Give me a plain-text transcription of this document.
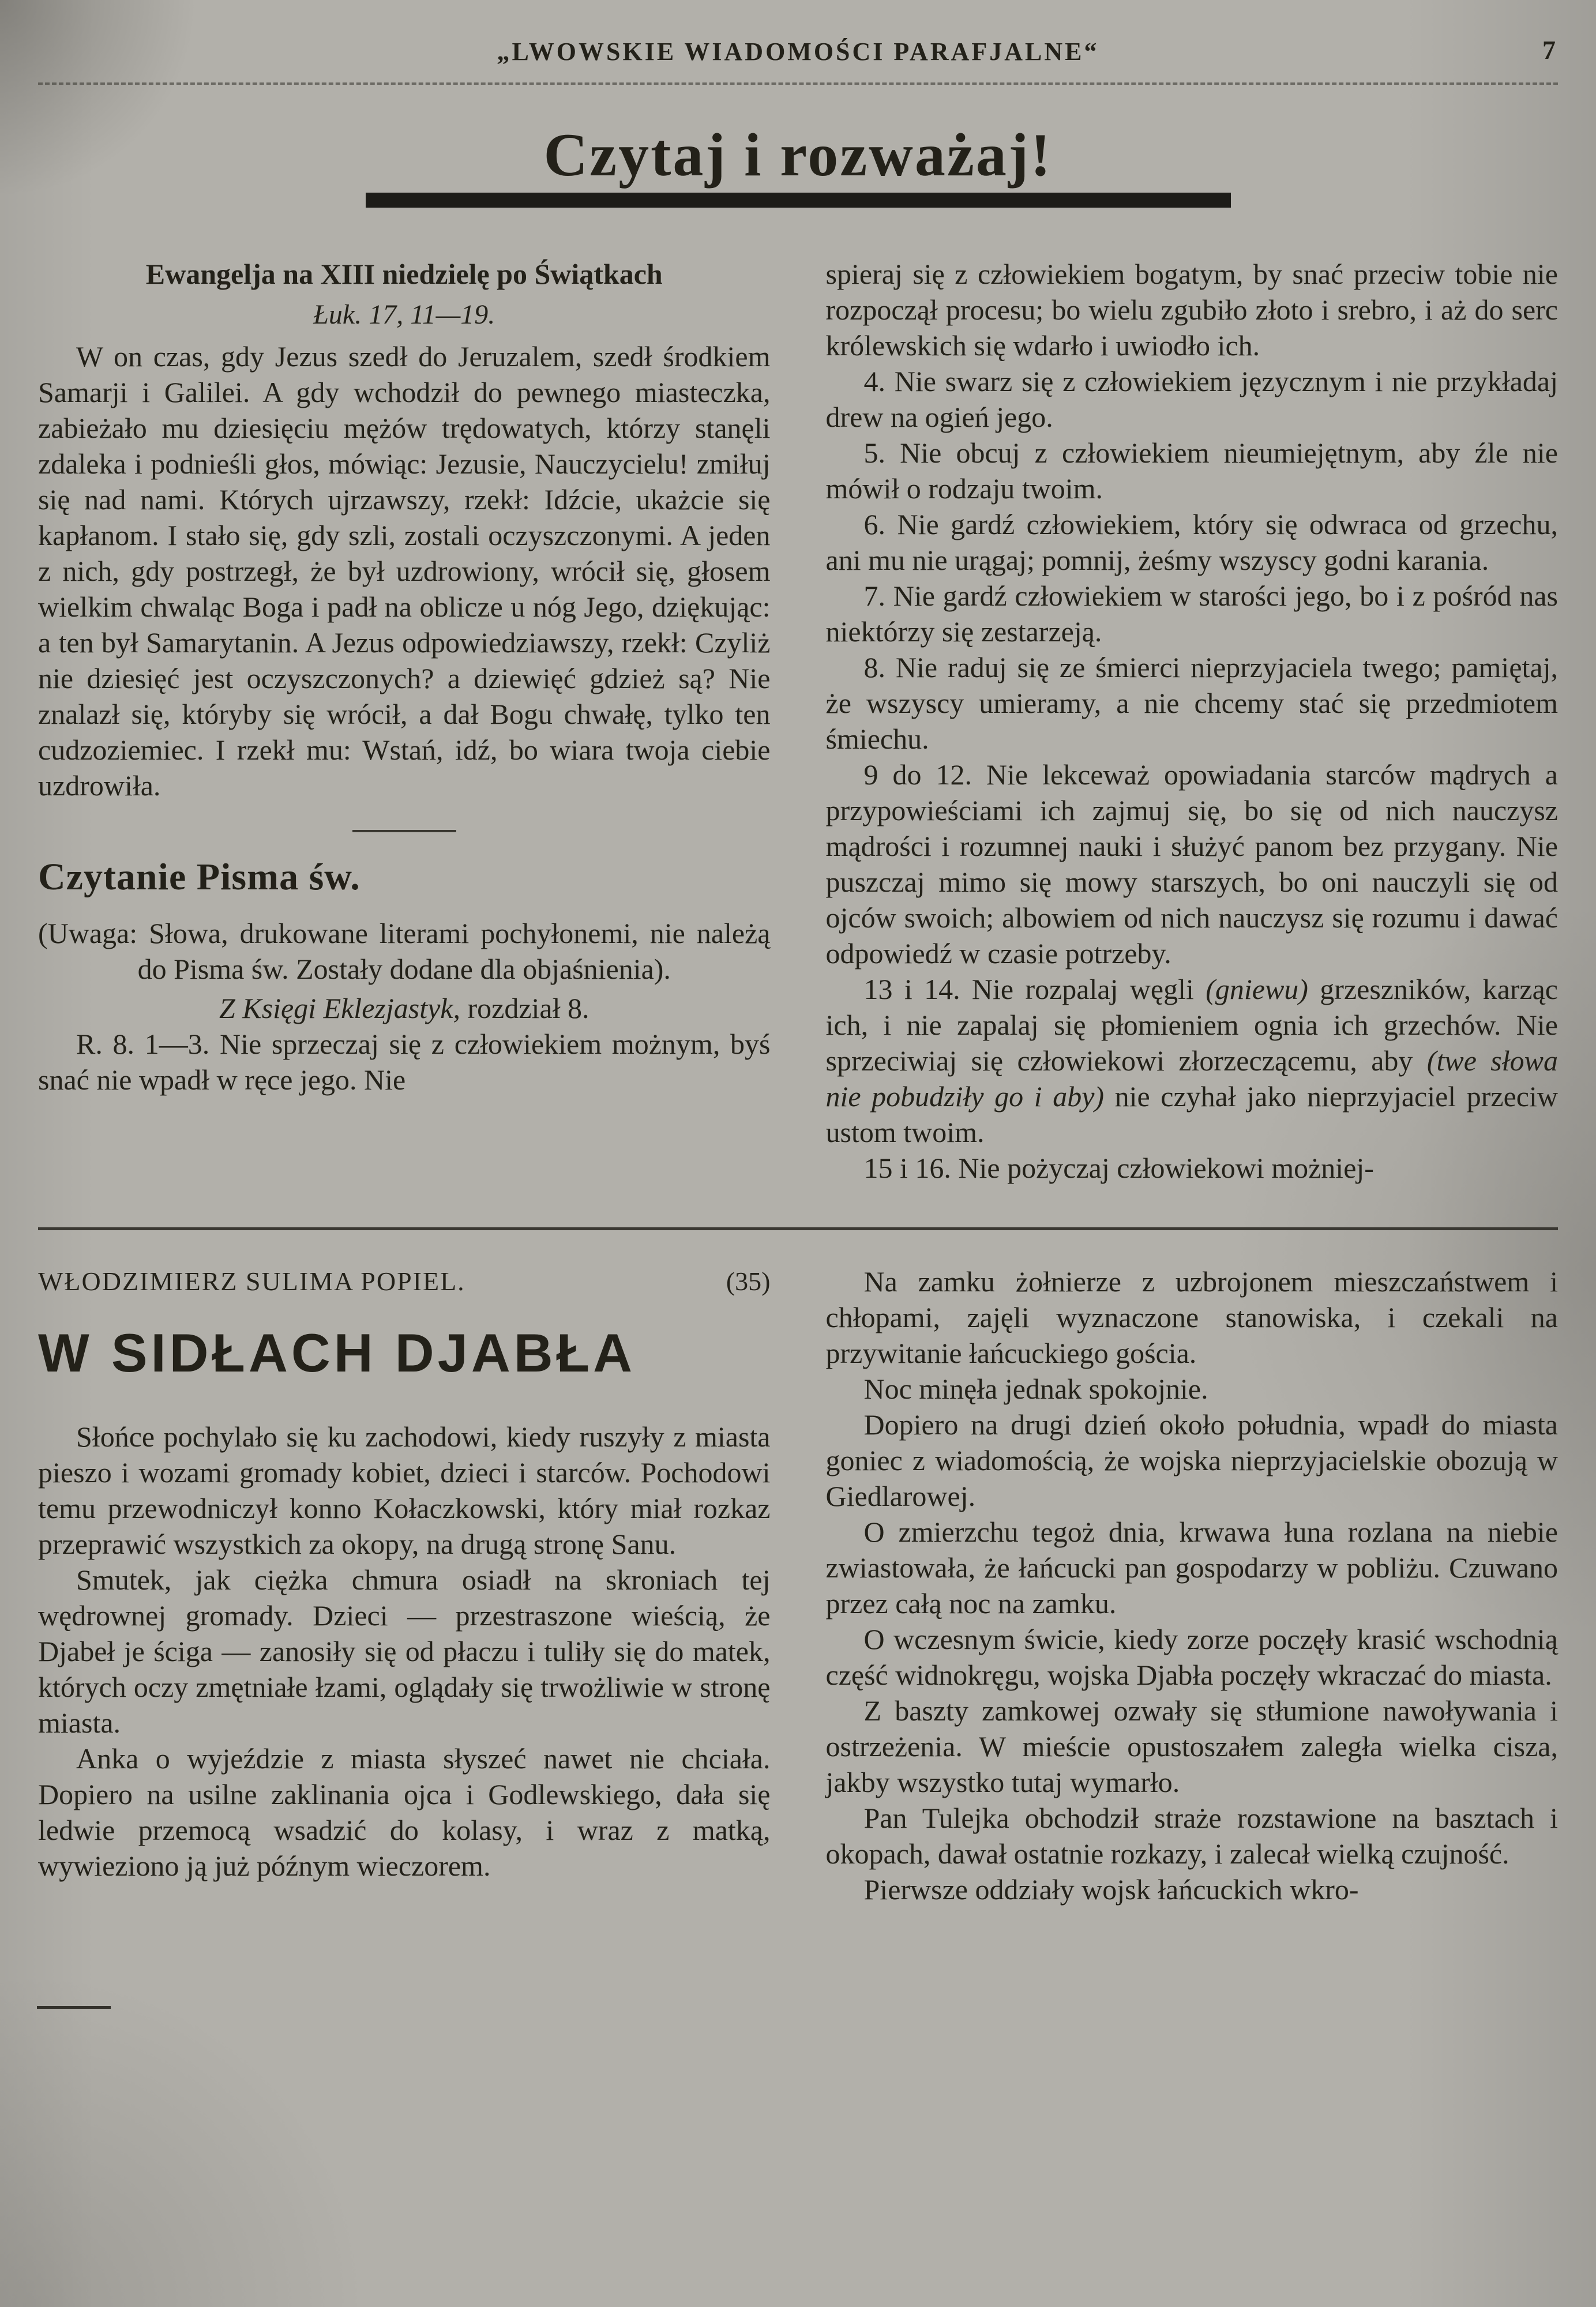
„LWOWSKIE WIADOMOŚCI PARAFJALNE“	7
Czytaj i rozważaj!
Ewangelja na XIII niedzielę po Świątkach
Łuk. 17, 11—19.

W on czas, gdy Jezus szedł do Jeruzalem, szedł środkiem Samarji i Galilei. A gdy wchodził do pewnego miasteczka, zabieżało mu dziesięciu mężów trędowatych, którzy stanęli zdaleka i podnieśli głos, mówiąc: Jezusie, Nauczycielu! zmiłuj się nad nami. Których ujrzawszy, rzekł: Idźcie, ukażcie się kapłanom. I stało się, gdy szli, zostali oczyszczonymi. A jeden z nich, gdy postrzegł, że był uzdrowiony, wrócił się, głosem wielkim chwaląc Boga i padł na oblicze u nóg Jego, dziękując: a ten był Samarytanin. A Jezus odpowiedziawszy, rzekł: Czyliż nie dziesięć jest oczyszczonych? a dziewięć gdzież są? Nie znalazł się, któryby się wrócił, a dał Bogu chwałę, tylko ten cudzoziemiec. I rzekł mu: Wstań, idź, bo wiara twoja ciebie uzdrowiła.

Czytanie Pisma św.

(Uwaga: Słowa, drukowane literami pochyłonemi, nie należą do Pisma św. Zostały dodane dla objaśnienia).

Z Księgi Eklezjastyk, rozdział 8.

R. 8. 1—3. Nie sprzeczaj się z człowiekiem możnym, byś snać nie wpadł w ręce jego. Nie

spieraj się z człowiekiem bogatym, by snać przeciw tobie nie rozpoczął procesu; bo wielu zgubiło złoto i srebro, i aż do serc królewskich się wdarło i uwiodło ich.

4. Nie swarz się z człowiekiem języcznym i nie przykładaj drew na ogień jego.

5. Nie obcuj z człowiekiem nieumiejętnym, aby źle nie mówił o rodzaju twoim.

6. Nie gardź człowiekiem, który się odwraca od grzechu, ani mu nie urągaj; pomnij, żeśmy wszyscy godni karania.

7. Nie gardź człowiekiem w starości jego, bo i z pośród nas niektórzy się zestarzeją.

8. Nie raduj się ze śmierci nieprzyjaciela twego; pamiętaj, że wszyscy umieramy, a nie chcemy stać się przedmiotem śmiechu.

9 do 12. Nie lekceważ opowiadania starców mądrych a przypowieściami ich zajmuj się, bo się od nich nauczysz mądrości i rozumnej nauki i służyć panom bez przygany. Nie puszczaj mimo się mowy starszych, bo oni nauczyli się od ojców swoich; albowiem od nich nauczysz się rozumu i dawać odpowiedź w czasie potrzeby.

13 i 14. Nie rozpalaj węgli (gniewu) grzeszników, karząc ich, i nie zapalaj się płomieniem ognia ich grzechów. Nie sprzeciwiaj się człowiekowi złorzeczącemu, aby (twe słowa nie pobudziły go i aby) nie czyhał jako nieprzyjaciel przeciw ustom twoim.

15 i 16. Nie pożyczaj człowiekowi możniej-

WŁODZIMIERZ SULIMA POPIEL.	(35)
W SIDŁACH DJABŁA

Słońce pochylało się ku zachodowi, kiedy ruszyły z miasta pieszo i wozami gromady kobiet, dzieci i starców. Pochodowi temu przewodniczył konno Kołaczkowski, który miał rozkaz przeprawić wszystkich za okopy, na drugą stronę Sanu.

Smutek, jak ciężka chmura osiadł na skroniach tej wędrownej gromady. Dzieci — przestraszone wieścią, że Djabeł je ściga — zanosiły się od płaczu i tuliły się do matek, których oczy zmętniałe łzami, oglądały się trwożliwie w stronę miasta.

Anka o wyjeździe z miasta słyszeć nawet nie chciała. Dopiero na usilne zaklinania ojca i Godlewskiego, dała się ledwie przemocą wsadzić do kolasy, i wraz z matką, wywieziono ją już późnym wieczorem.

Na zamku żołnierze z uzbrojonem mieszczaństwem i chłopami, zajęli wyznaczone stanowiska, i czekali na przywitanie łańcuckiego gościa.

Noc minęła jednak spokojnie.

Dopiero na drugi dzień około południa, wpadł do miasta goniec z wiadomością, że wojska nieprzyjacielskie obozują w Giedlarowej.

O zmierzchu tegoż dnia, krwawa łuna rozlana na niebie zwiastowała, że łańcucki pan gospodarzy w pobliżu. Czuwano przez całą noc na zamku.

O wczesnym świcie, kiedy zorze poczęły krasić wschodnią część widnokręgu, wojska Djabła poczęły wkraczać do miasta.

Z baszty zamkowej ozwały się stłumione nawoływania i ostrzeżenia. W mieście opustoszałem zaległa wielka cisza, jakby wszystko tutaj wymarło.

Pan Tulejka obchodził straże rozstawione na basztach i okopach, dawał ostatnie rozkazy, i zalecał wielką czujność.

Pierwsze oddziały wojsk łańcuckich wkro-
